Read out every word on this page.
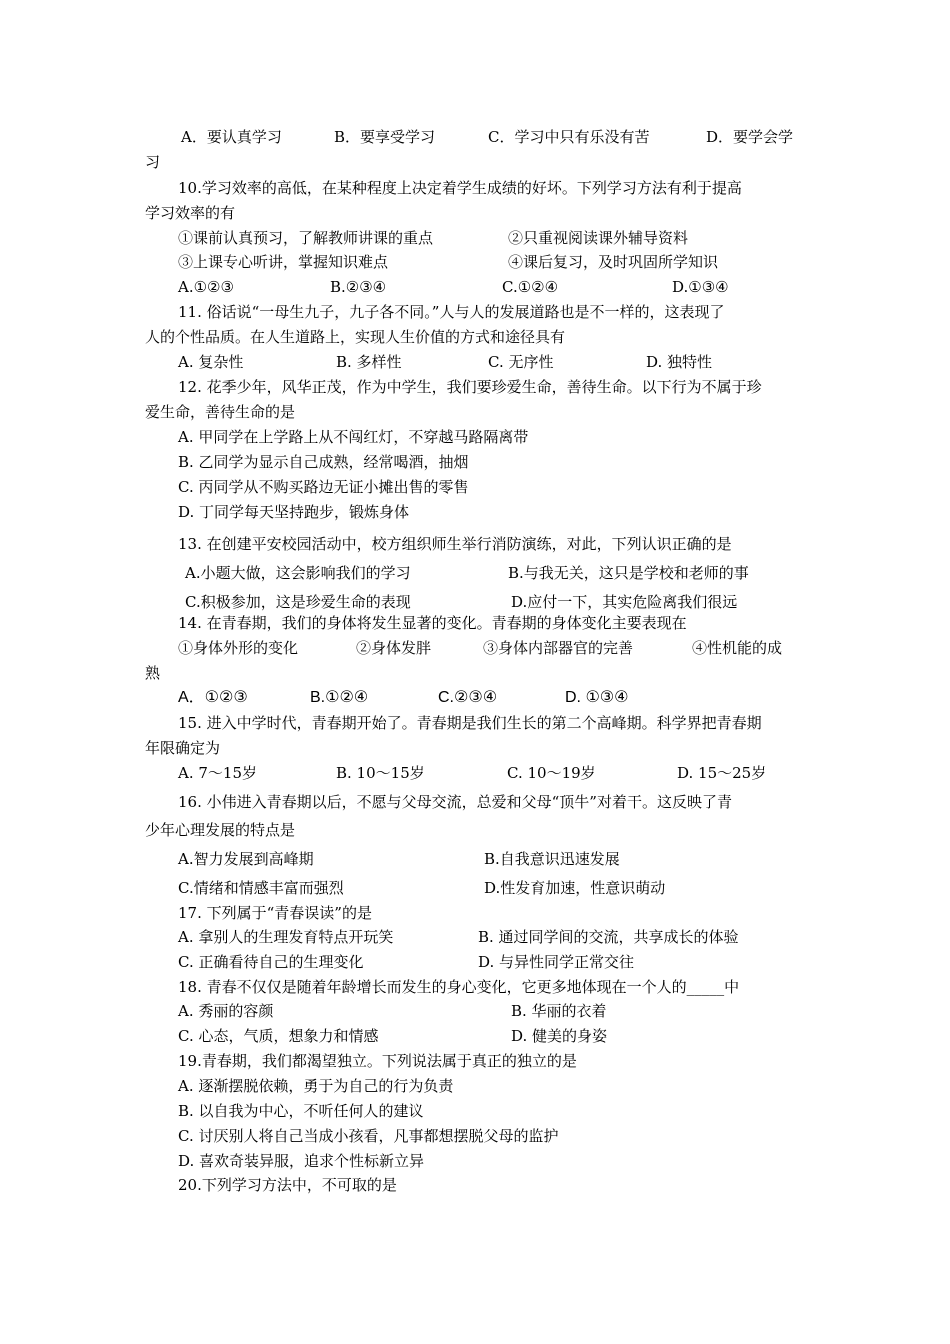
A．要认真学习	B．要享受学习	C．学习中只有乐没有苦	D．要学会学
习
10.学习效率的高低，在某种程度上决定着学生成绩的好坏。下列学习方法有利于提高
学习效率的有
①课前认真预习，了解教师讲课的重点	②只重视阅读课外辅导资料
③上课专心听讲，掌握知识难点	④课后复习，及时巩固所学知识
A.①②③	B.②③④	C.①②④	D.①③④
11. 俗话说“一母生九子，九子各不同。”人与人的发展道路也是不一样的，这表现了
人的个性品质。在人生道路上，实现人生价值的方式和途径具有
A. 复杂性	B. 多样性	C. 无序性	D. 独特性
12. 花季少年，风华正茂，作为中学生，我们要珍爱生命，善待生命。以下行为不属于珍
爱生命，善待生命的是
A. 甲同学在上学路上从不闯红灯，不穿越马路隔离带
B. 乙同学为显示自己成熟，经常喝酒，抽烟
C. 丙同学从不购买路边无证小摊出售的零售
D. 丁同学每天坚持跑步，锻炼身体
13. 在创建平安校园活动中，校方组织师生举行消防演练，对此，下列认识正确的是
A.小题大做，这会影响我们的学习	B.与我无关，这只是学校和老师的事
C.积极参加，这是珍爱生命的表现	D.应付一下，其实危险离我们很远
14. 在青春期，我们的身体将发生显著的变化。青春期的身体变化主要表现在
①身体外形的变化	②身体发胖	③身体内部器官的完善	④性机能的成
熟
A．①②③	B.①②④	C.②③④	D. ①③④
15. 进入中学时代，青春期开始了。青春期是我们生长的第二个高峰期。科学界把青春期
年限确定为
A. 7～15岁	B. 10～15岁	C. 10～19岁	D. 15～25岁
16. 小伟进入青春期以后，不愿与父母交流，总爱和父母“顶牛”对着干。这反映了青
少年心理发展的特点是
A.智力发展到高峰期	B.自我意识迅速发展
C.情绪和情感丰富而强烈	D.性发育加速，性意识萌动
17. 下列属于“青春误读”的是
A. 拿别人的生理发育特点开玩笑	B. 通过同学间的交流，共享成长的体验
C. 正确看待自己的生理变化	D. 与异性同学正常交往
18. 青春不仅仅是随着年龄增长而发生的身心变化，它更多地体现在一个人的_____中
A. 秀丽的容颜	B. 华丽的衣着
C. 心态，气质，想象力和情感	D. 健美的身姿
19.青春期，我们都渴望独立。下列说法属于真正的独立的是
A. 逐渐摆脱依赖，勇于为自己的行为负责
B. 以自我为中心，不听任何人的建议
C. 讨厌别人将自己当成小孩看，凡事都想摆脱父母的监护
D. 喜欢奇装异服，追求个性标新立异
20.下列学习方法中，不可取的是
